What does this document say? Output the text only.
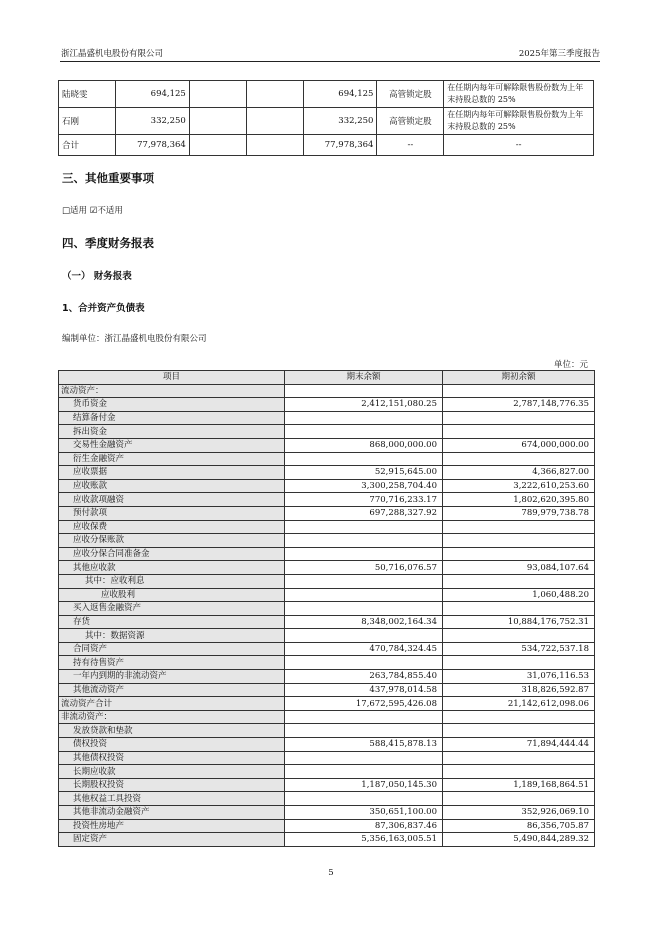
浙江晶盛机电股份有限公司	2025年第三季度报告
陆晓雯	694,125			694,125	高管锁定股	在任期内每年可解除限售股份数为上年末持股总数的 25%
石刚	332,250			332,250	高管锁定股	在任期内每年可解除限售股份数为上年末持股总数的 25%
合计	77,978,364			77,978,364	--	--
三、其他重要事项
□适用 ☑不适用
四、季度财务报表
（一） 财务报表
1、合并资产负债表
编制单位：浙江晶盛机电股份有限公司
单位：元
项目	期末余额	期初余额
流动资产：		
货币资金	2,412,151,080.25	2,787,148,776.35
结算备付金		
拆出资金		
交易性金融资产	868,000,000.00	674,000,000.00
衍生金融资产		
应收票据	52,915,645.00	4,366,827.00
应收账款	3,300,258,704.40	3,222,610,253.60
应收款项融资	770,716,233.17	1,802,620,395.80
预付款项	697,288,327.92	789,979,738.78
应收保费		
应收分保账款		
应收分保合同准备金		
其他应收款	50,716,076.57	93,084,107.64
其中：应收利息		
应收股利		1,060,488.20
买入返售金融资产		
存货	8,348,002,164.34	10,884,176,752.31
其中：数据资源		
合同资产	470,784,324.45	534,722,537.18
持有待售资产		
一年内到期的非流动资产	263,784,855.40	31,076,116.53
其他流动资产	437,978,014.58	318,826,592.87
流动资产合计	17,672,595,426.08	21,142,612,098.06
非流动资产：		
发放贷款和垫款		
债权投资	588,415,878.13	71,894,444.44
其他债权投资		
长期应收款		
长期股权投资	1,187,050,145.30	1,189,168,864.51
其他权益工具投资		
其他非流动金融资产	350,651,100.00	352,926,069.10
投资性房地产	87,306,837.46	86,356,705.87
固定资产	5,356,163,005.51	5,490,844,289.32
5
